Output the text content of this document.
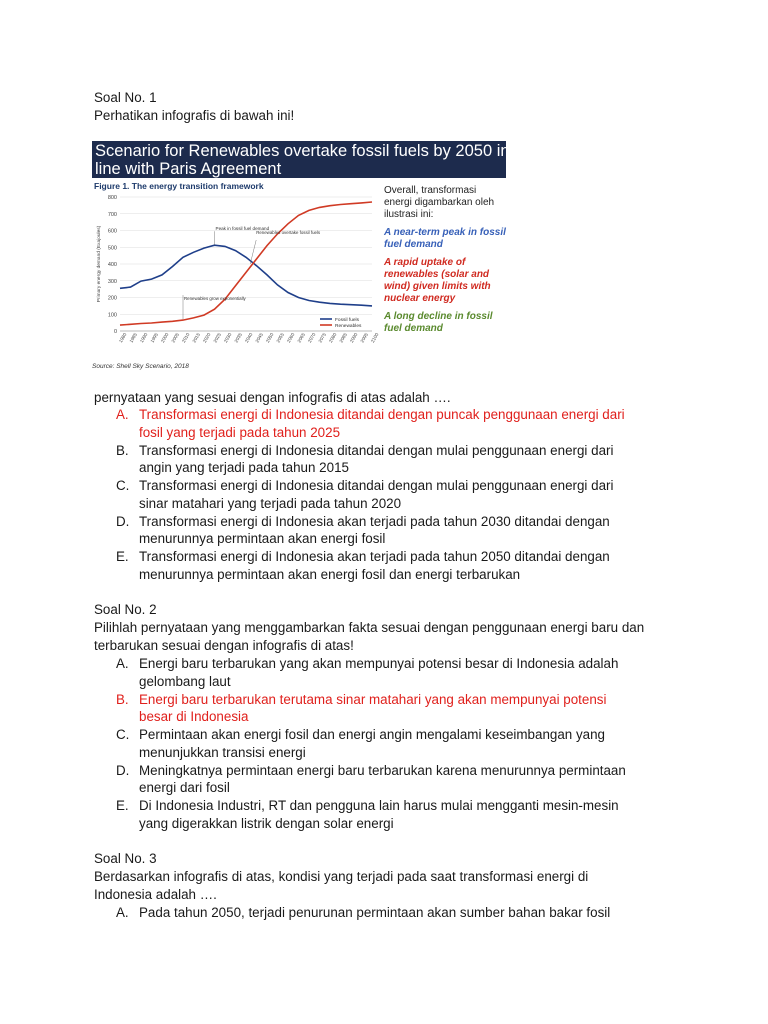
Soal No. 1
Perhatikan infografis di bawah ini!
Scenario for Renewables overtake fossil fuels by 2050 in
line with Paris Agreement
Figure 1. The energy transition framework
0
100
200
300
400
500
600
700
800
1980 1985 1990 1995 2000 2005 2010 2015 2020 2025 2030 2035 2040 2045 2050 2055 2060 2065 2070 2075 2080 2085 2090 2095 2100
Primary energy demand (Exajoules)	Peak in fossil fuel demand
Renewables overtake fossil fuels
Renewables grow exponentially
Fossil fuels
Renewables
Overall, transformasi energi digambarkan oleh ilustrasi ini:
A near-term peak in fossil fuel demand
A rapid uptake of renewables (solar and wind) given limits with nuclear energy
A long decline in fossil fuel demand
Source: Shell Sky Scenario, 2018
pernyataan yang sesuai dengan infografis di atas adalah ….
A. Transformasi energi di Indonesia ditandai dengan puncak penggunaan energi dari
fosil yang terjadi pada tahun 2025
B. Transformasi energi di Indonesia ditandai dengan mulai penggunaan energi dari
angin yang terjadi pada tahun 2015
C. Transformasi energi di Indonesia ditandai dengan mulai penggunaan energi dari
sinar matahari yang terjadi pada tahun 2020
D. Transformasi energi di Indonesia akan terjadi pada tahun 2030 ditandai dengan
menurunnya permintaan akan energi fosil
E. Transformasi energi di Indonesia akan terjadi pada tahun 2050 ditandai dengan
menurunnya permintaan akan energi fosil dan energi terbarukan
Soal No. 2
Pilihlah pernyataan yang menggambarkan fakta sesuai dengan penggunaan energi baru dan
terbarukan sesuai dengan infografis di atas!
A. Energi baru terbarukan yang akan mempunyai potensi besar di Indonesia adalah
gelombang laut
B. Energi baru terbarukan terutama sinar matahari yang akan mempunyai potensi
besar di Indonesia
C. Permintaan akan energi fosil dan energi angin mengalami keseimbangan yang
menunjukkan transisi energi
D. Meningkatnya permintaan energi baru terbarukan karena menurunnya permintaan
energi dari fosil
E. Di Indonesia Industri, RT dan pengguna lain harus mulai mengganti mesin-mesin
yang digerakkan listrik dengan solar energi
Soal No. 3
Berdasarkan infografis di atas, kondisi yang terjadi pada saat transformasi energi di
Indonesia adalah ….
A. Pada tahun 2050, terjadi penurunan permintaan akan sumber bahan bakar fosil
